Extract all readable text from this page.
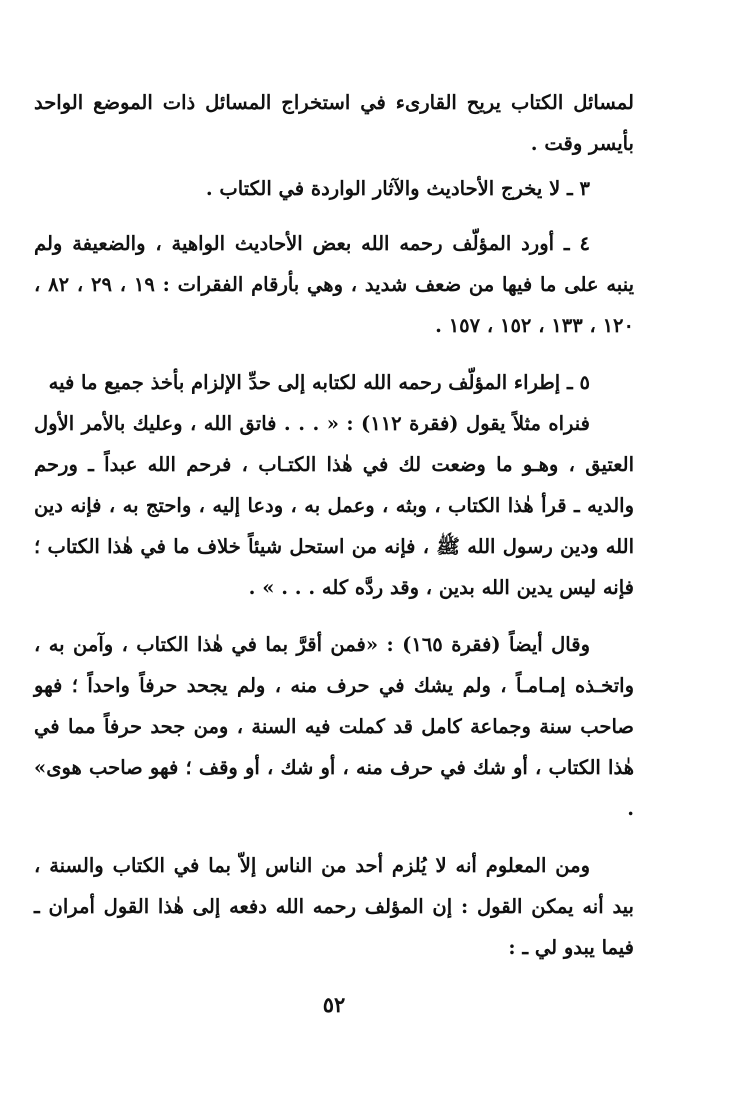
لمسائل الكتاب يريح القارىء في استخراج المسائل ذات الموضع الواحد بأيسر وقت .

٣ ـ لا يخرج الأحاديث والآثار الواردة في الكتاب .

٤ ـ أورد المؤلّف رحمه الله بعض الأحاديث الواهية ، والضعيفة ولم ينبه على ما فيها من ضعف شديد ، وهي بأرقام الفقرات : ١٩ ، ٢٩ ، ٨٢ ، ١٢٠ ، ١٣٣ ، ١٥٢ ، ١٥٧ .

٥ ـ إطراء المؤلّف رحمه الله لكتابه إلى حدِّ الإلزام بأخذ جميع ما فيه

فنراه مثلاً يقول (فقرة ١١٢) : « . . . فاتق الله ، وعليك بالأمر الأول العتيق ، وهـو ما وضعت لك في هٰذا الكتـاب ، فرحم الله عبداً ـ ورحم والديه ـ قرأ هٰذا الكتاب ، وبثه ، وعمل به ، ودعا إليه ، واحتج به ، فإنه دين الله ودين رسول الله ﷺ ، فإنه من استحل شيئاً خلاف ما في هٰذا الكتاب ؛ فإنه ليس يدين الله بدين ، وقد ردَّه كله . . . » .

وقال أيضاً (فقرة ١٦٥) : «فمن أقرَّ بما في هٰذا الكتاب ، وآمن به ، واتخـذه إمـامـاً ، ولم يشك في حرف منه ، ولم يجحد حرفاً واحداً ؛ فهو صاحب سنة وجماعة كامل قد كملت فيه السنة ، ومن جحد حرفاً مما في هٰذا الكتاب ، أو شك في حرف منه ، أو شك ، أو وقف ؛ فهو صاحب هوى» .

ومن المعلوم أنه لا يُلزم أحد من الناس إلاّ بما في الكتاب والسنة ، بيد أنه يمكن القول : إن المؤلف رحمه الله دفعه إلى هٰذا القول أمران ـ فيما يبدو لي ـ :

٥٢
